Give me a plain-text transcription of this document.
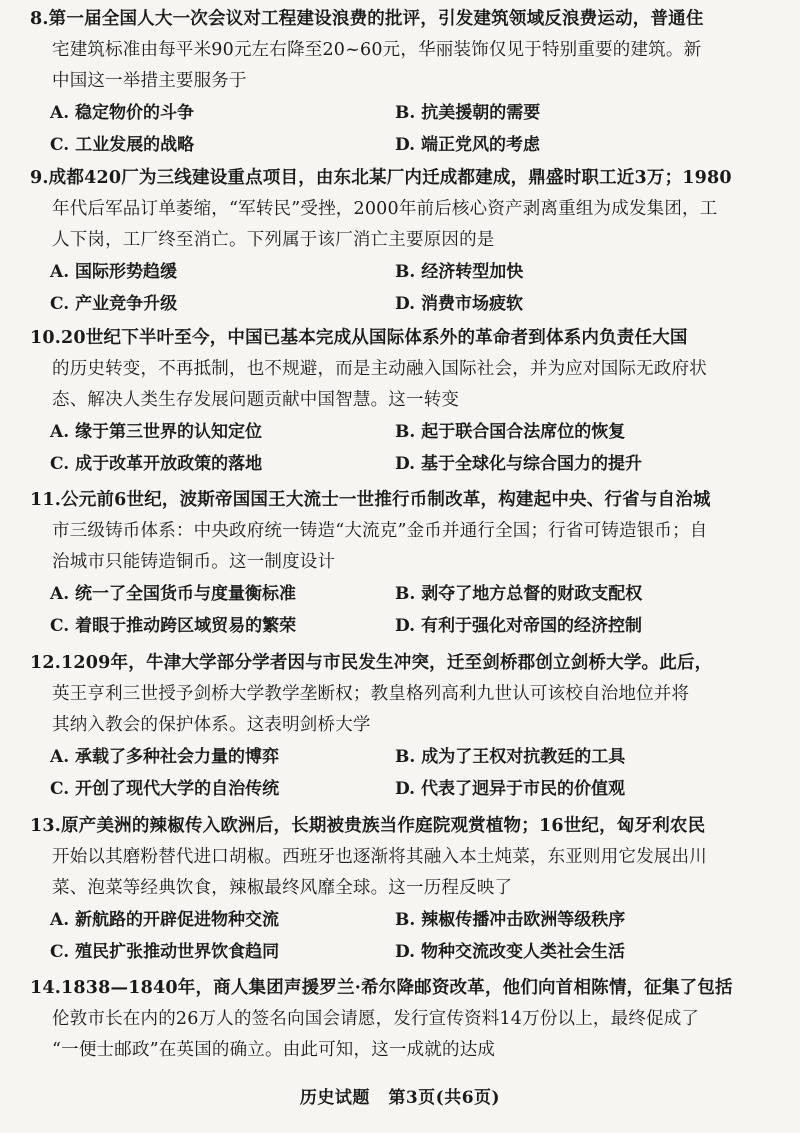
8.第一届全国人大一次会议对工程建设浪费的批评，引发建筑领域反浪费运动，普通住

宅建筑标准由每平米90元左右降至20~60元，华丽装饰仅见于特别重要的建筑。新

中国这一举措主要服务于

A. 稳定物价的斗争	B. 抗美援朝的需要
C. 工业发展的战略	D. 端正党风的考虑

9.成都420厂为三线建设重点项目，由东北某厂内迁成都建成，鼎盛时职工近3万；1980

年代后军品订单萎缩，“军转民”受挫，2000年前后核心资产剥离重组为成发集团，工

人下岗，工厂终至消亡。下列属于该厂消亡主要原因的是

A. 国际形势趋缓	B. 经济转型加快
C. 产业竞争升级	D. 消费市场疲软

10.20世纪下半叶至今，中国已基本完成从国际体系外的革命者到体系内负责任大国

的历史转变，不再抵制，也不规避，而是主动融入国际社会，并为应对国际无政府状

态、解决人类生存发展问题贡献中国智慧。这一转变

A. 缘于第三世界的认知定位	B. 起于联合国合法席位的恢复
C. 成于改革开放政策的落地	D. 基于全球化与综合国力的提升

11.公元前6世纪，波斯帝国国王大流士一世推行币制改革，构建起中央、行省与自治城

市三级铸币体系：中央政府统一铸造“大流克”金币并通行全国；行省可铸造银币；自

治城市只能铸造铜币。这一制度设计

A. 统一了全国货币与度量衡标准	B. 剥夺了地方总督的财政支配权
C. 着眼于推动跨区域贸易的繁荣	D. 有利于强化对帝国的经济控制

12.1209年，牛津大学部分学者因与市民发生冲突，迁至剑桥郡创立剑桥大学。此后，

英王亨利三世授予剑桥大学教学垄断权；教皇格列高利九世认可该校自治地位并将

其纳入教会的保护体系。这表明剑桥大学

A. 承载了多种社会力量的博弈	B. 成为了王权对抗教廷的工具
C. 开创了现代大学的自治传统	D. 代表了迥异于市民的价值观

13.原产美洲的辣椒传入欧洲后，长期被贵族当作庭院观赏植物；16世纪，匈牙利农民

开始以其磨粉替代进口胡椒。西班牙也逐渐将其融入本土炖菜，东亚则用它发展出川

菜、泡菜等经典饮食，辣椒最终风靡全球。这一历程反映了

A. 新航路的开辟促进物种交流	B. 辣椒传播冲击欧洲等级秩序
C. 殖民扩张推动世界饮食趋同	D. 物种交流改变人类社会生活

14.1838—1840年，商人集团声援罗兰·希尔降邮资改革，他们向首相陈情，征集了包括

伦敦市长在内的26万人的签名向国会请愿，发行宣传资料14万份以上，最终促成了

“一便士邮政”在英国的确立。由此可知，这一成就的达成

历史试题 第3页(共6页)
